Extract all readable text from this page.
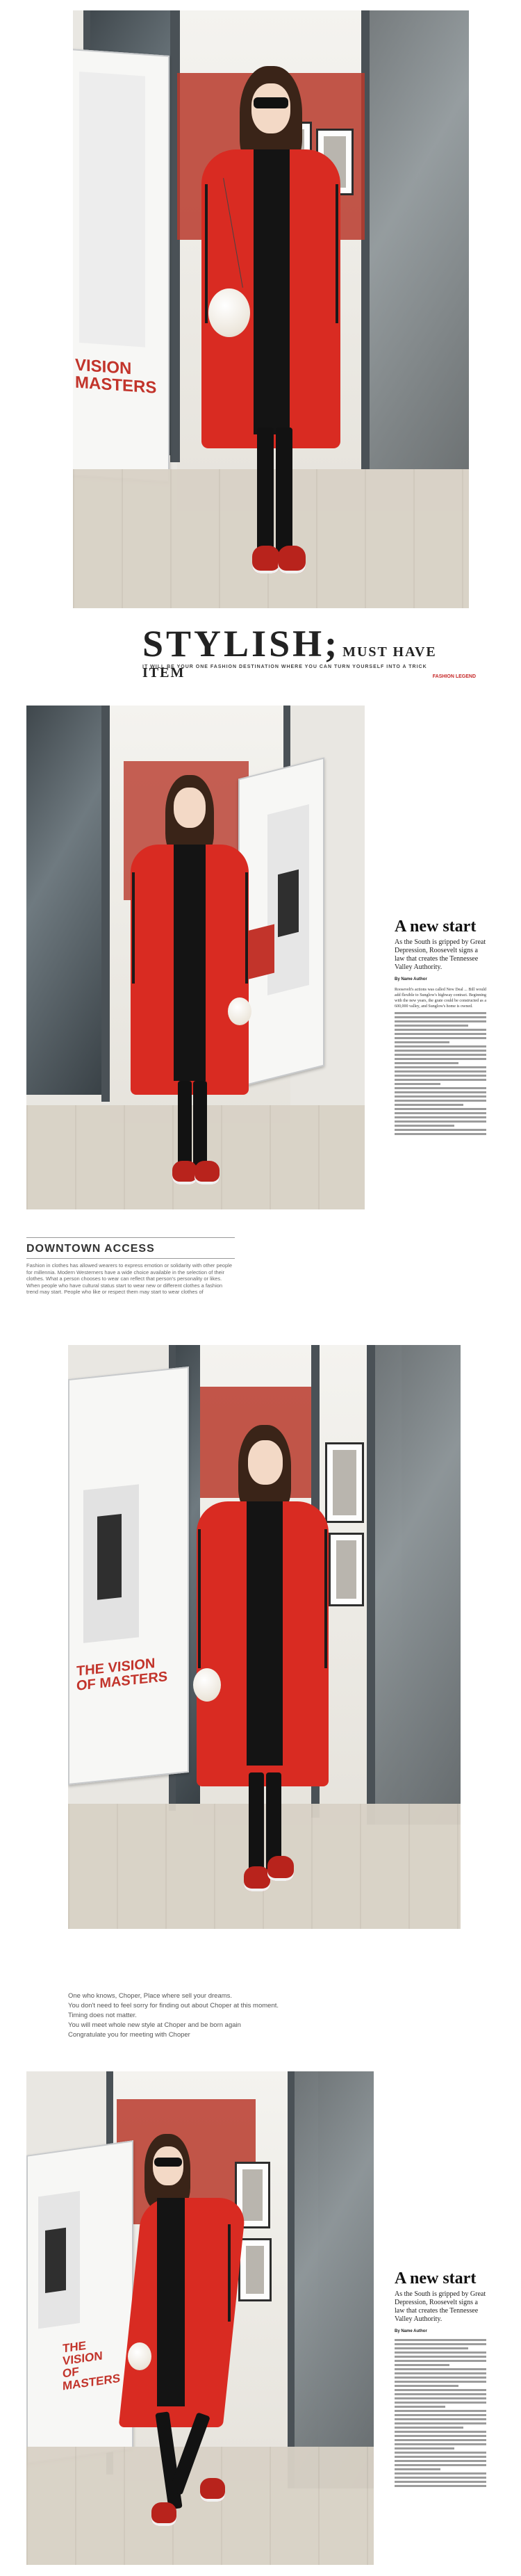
VISION
MASTERS
STYLISH; MUST HAVE ITEM
IT WILL BE YOUR ONE FASHION DESTINATION WHERE YOU CAN TURN YOURSELF INTO A TRICK
FASHION LEGEND
A new start
As the South is gripped by Great Depression, Roosevelt signs a law that creates the Tennessee Valley Authority.
By Name Author
Roosevelt's actions was called New Deal ... Bill would add flexible to Sunglow's highway contract. Beginning with the new years, the grate could be constructed as a 600,000 valley, and Sunglow's home is owned.
DOWNTOWN ACCESS
Fashion in clothes has allowed wearers to express emotion or solidarity with other people for millennia. Modern Westerners have a wide choice available in the selection of their clothes. What a person chooses to wear can reflect that person's personality or likes. When people who have cultural status start to wear new or different clothes a fashion trend may start. People who like or respect them may start to wear clothes of
THE VISION
OF MASTERS
One who knows, Choper, Place where sell your dreams.
You don't need to feel sorry for finding out about Choper at this moment.
Timing does not matter.
You will meet whole new style at Choper and be born again
Congratulate you for meeting with Choper
THE VISION
OF MASTERS
A new start
As the South is gripped by Great Depression, Roosevelt signs a law that creates the Tennessee Valley Authority.
By Name Author
